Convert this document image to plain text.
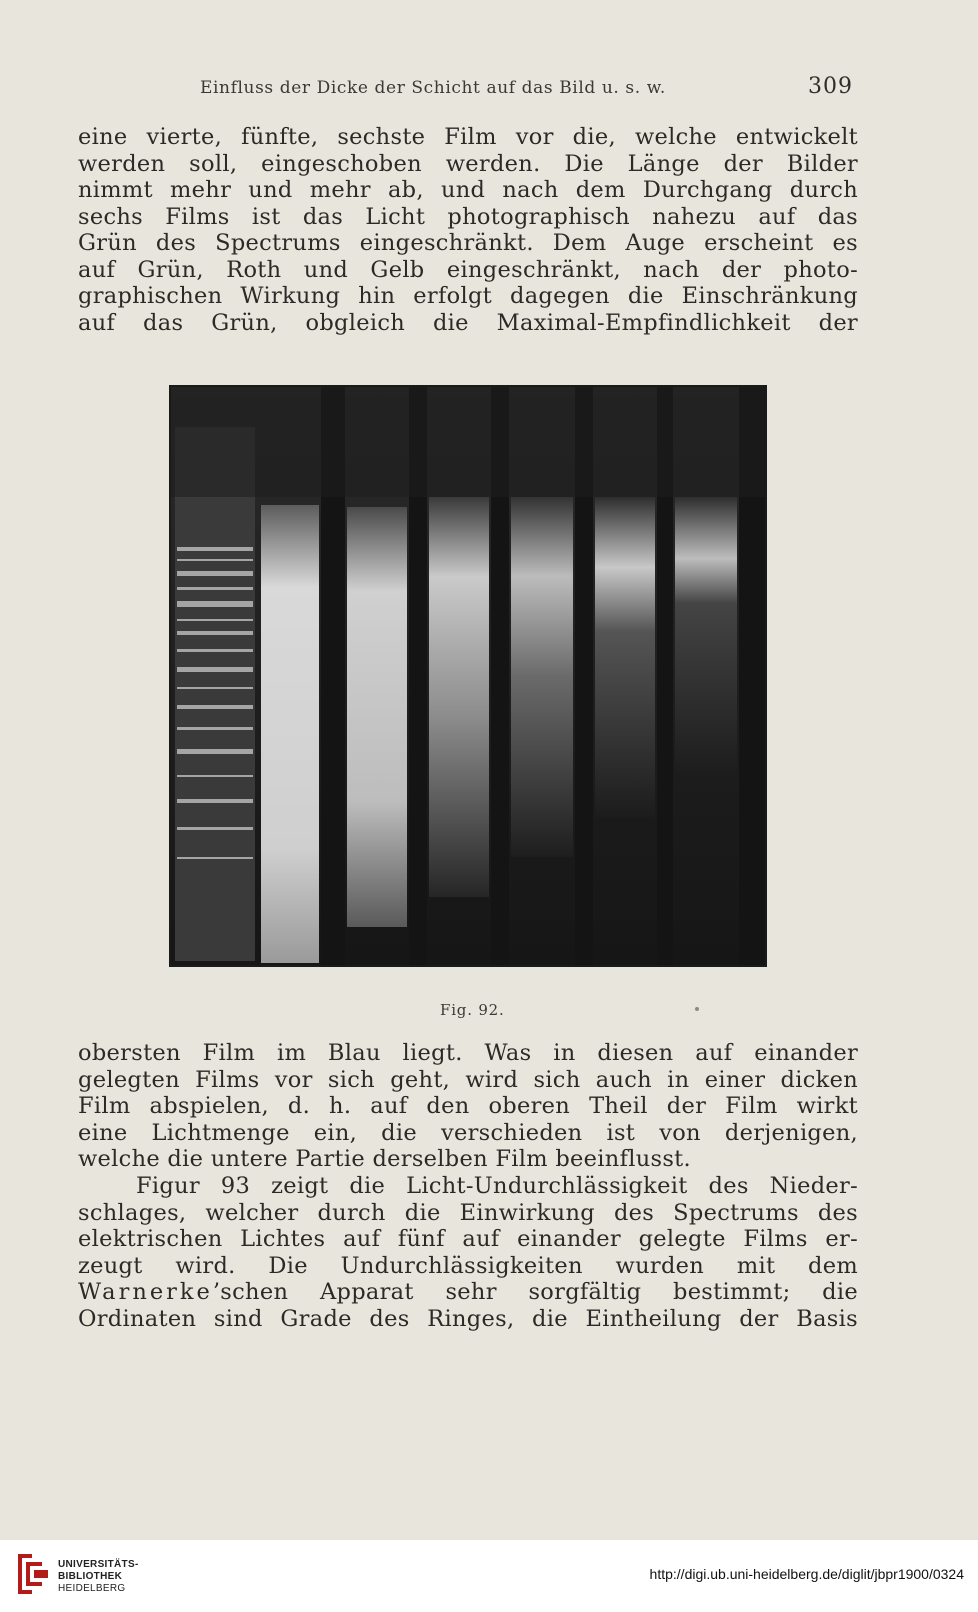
Einfluss der Dicke der Schicht auf das Bild u. s. w.	309
eine vierte, fünfte, sechste Film vor die, welche entwickelt
werden soll, eingeschoben werden. Die Länge der Bilder
nimmt mehr und mehr ab, und nach dem Durchgang durch
sechs Films ist das Licht photographisch nahezu auf das
Grün des Spectrums eingeschränkt. Dem Auge erscheint es
auf Grün, Roth und Gelb eingeschränkt, nach der photo-
graphischen Wirkung hin erfolgt dagegen die Einschränkung
auf das Grün, obgleich die Maximal-Empfindlichkeit der
Fig. 92.
obersten Film im Blau liegt. Was in diesen auf einander
gelegten Films vor sich geht, wird sich auch in einer dicken
Film abspielen, d. h. auf den oberen Theil der Film wirkt
eine Lichtmenge ein, die verschieden ist von derjenigen,
welche die untere Partie derselben Film beeinflusst.
Figur 93 zeigt die Licht-Undurchlässigkeit des Nieder-
schlages, welcher durch die Einwirkung des Spectrums des
elektrischen Lichtes auf fünf auf einander gelegte Films er-
zeugt wird. Die Undurchlässigkeiten wurden mit dem
Warnerke’schen Apparat sehr sorgfältig bestimmt; die
Ordinaten sind Grade des Ringes, die Eintheilung der Basis
UNIVERSITÄTS-
BIBLIOTHEK
HEIDELBERG
http://digi.ub.uni-heidelberg.de/diglit/jbpr1900/0324
